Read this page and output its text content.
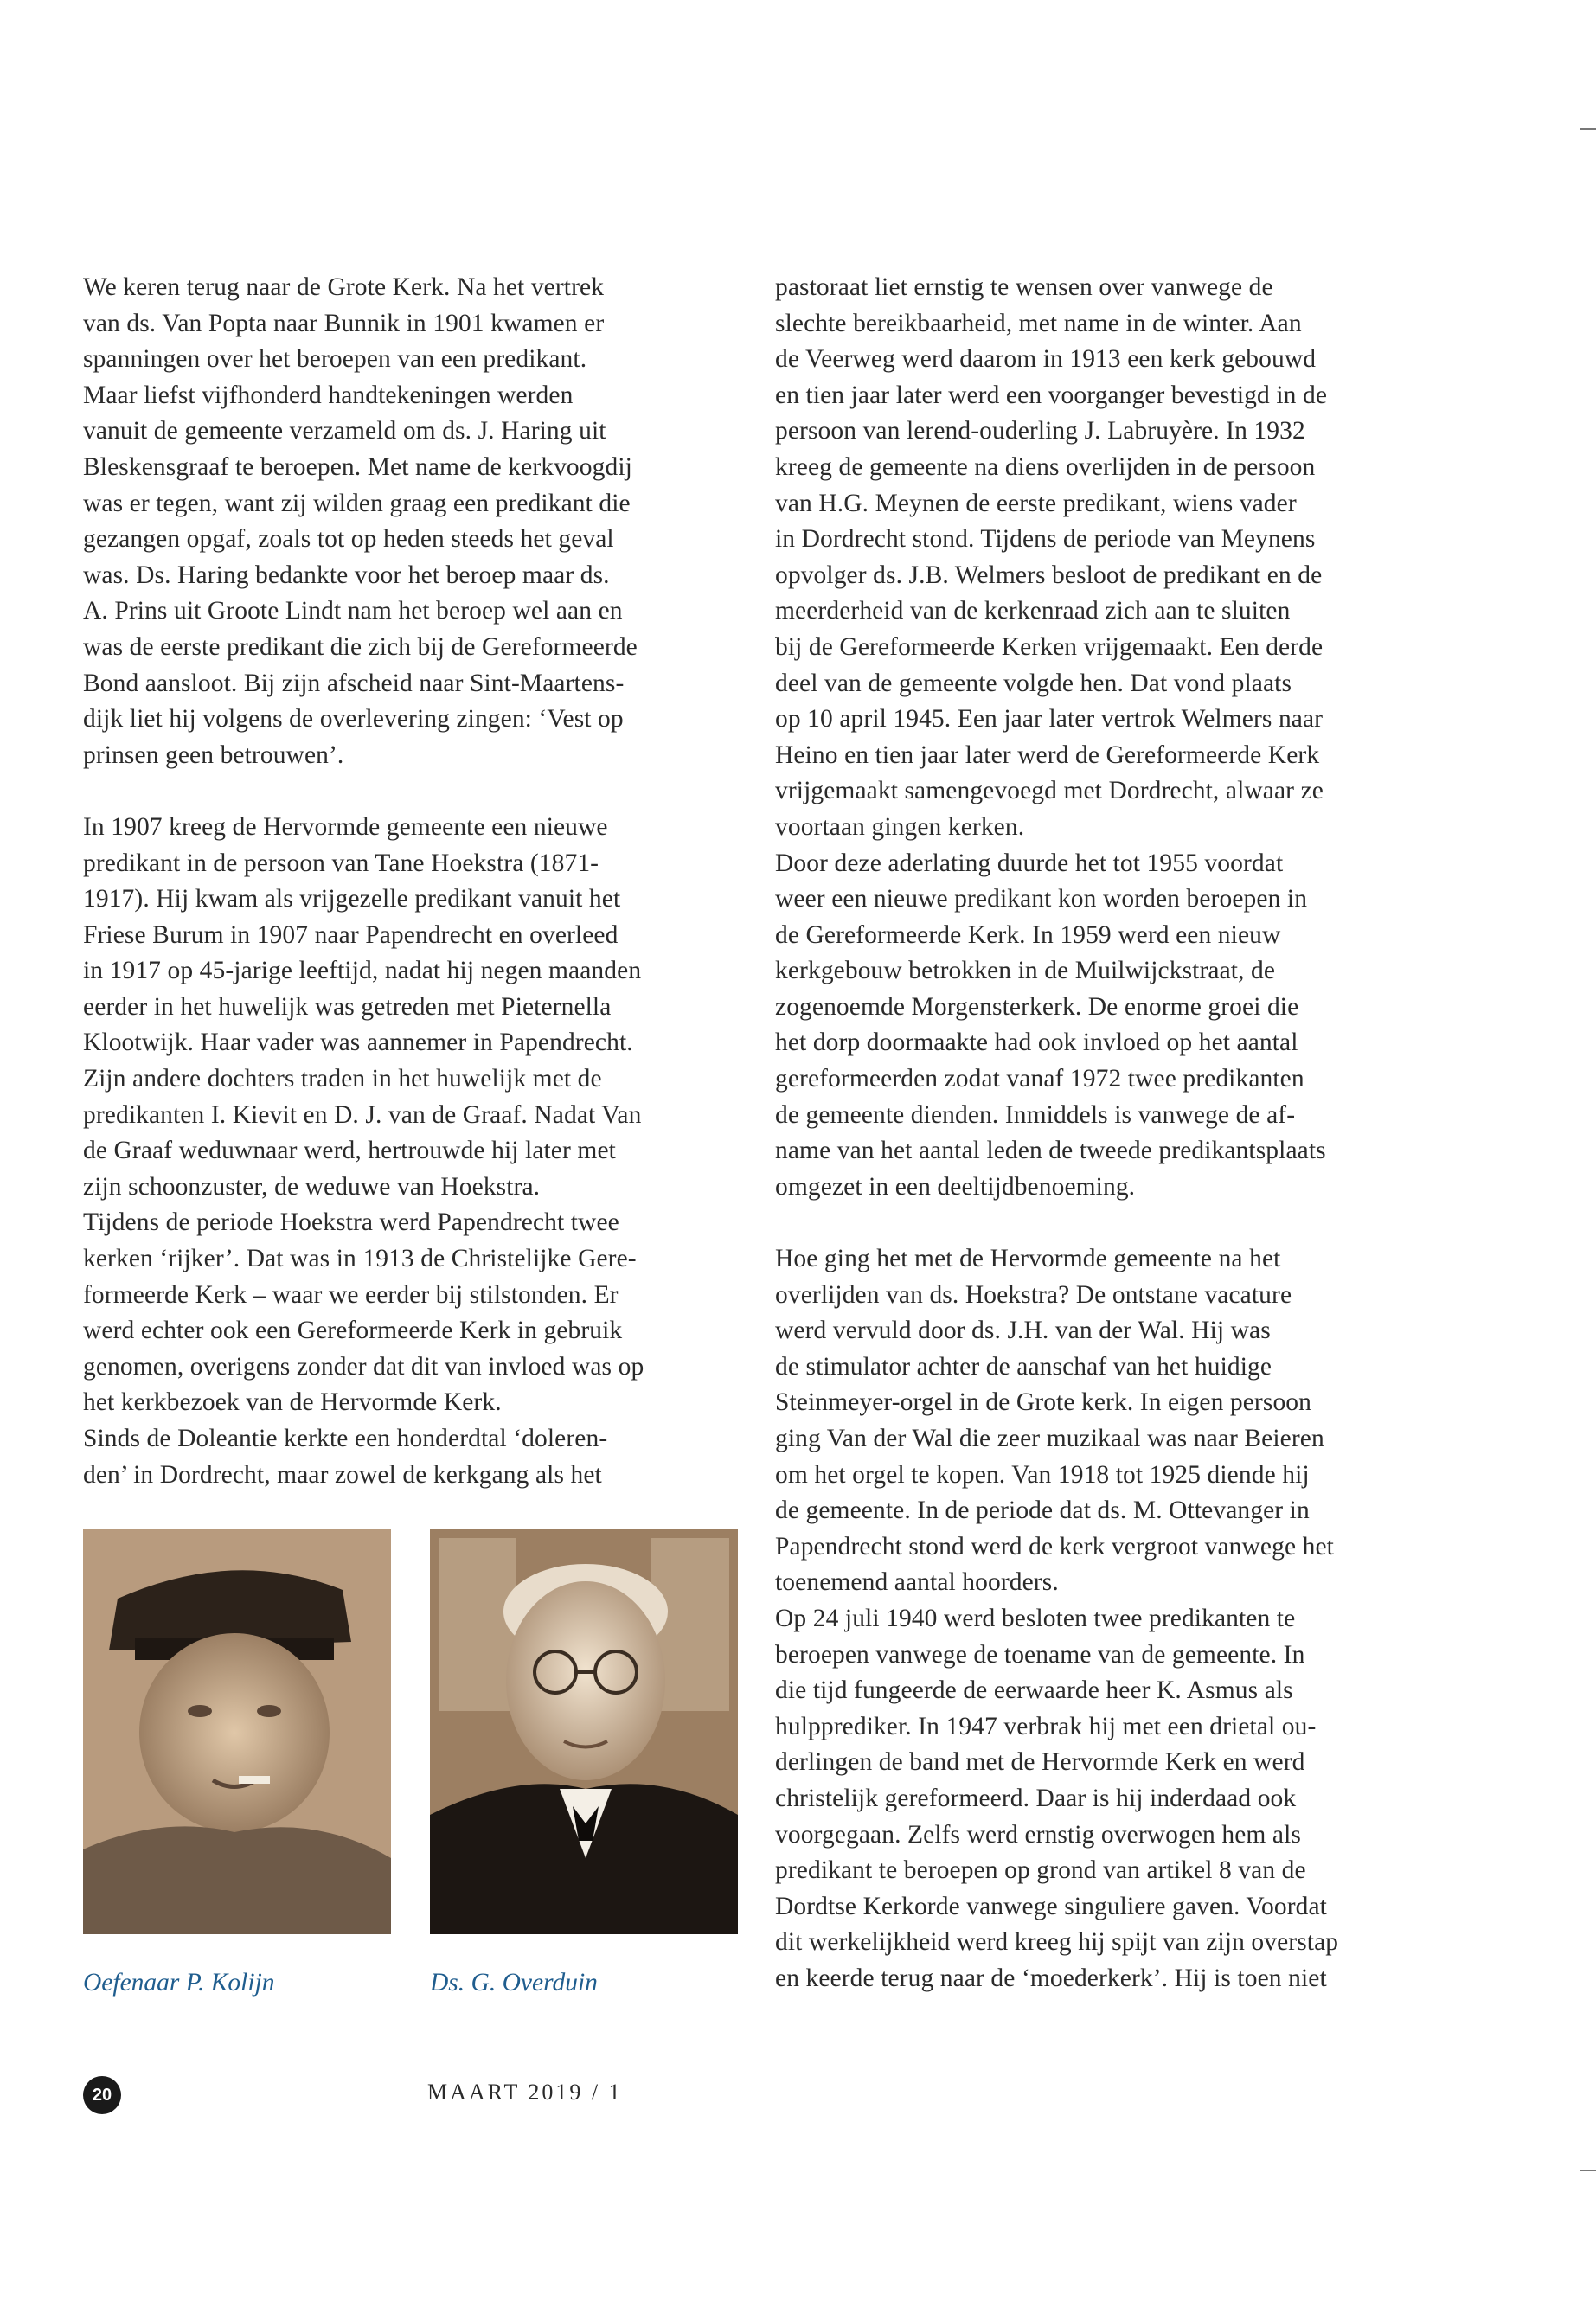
We keren terug naar de Grote Kerk. Na het vertrek
van ds. Van Popta naar Bunnik in 1901 kwamen er
spanningen over het beroepen van een predikant.
Maar liefst vijfhonderd handtekeningen werden
vanuit de gemeente verzameld om ds. J. Haring uit
Bleskensgraaf te beroepen. Met name de kerkvoogdij
was er tegen, want zij wilden graag een predikant die
gezangen opgaf, zoals tot op heden steeds het geval
was. Ds. Haring bedankte voor het beroep maar ds.
A. Prins uit Groote Lindt nam het beroep wel aan en
was de eerste predikant die zich bij de Gereformeerde
Bond aansloot. Bij zijn afscheid naar Sint-Maartens-
dijk liet hij volgens de overlevering zingen: ‘Vest op
prinsen geen betrouwen’.
In 1907 kreeg de Hervormde gemeente een nieuwe
predikant in de persoon van Tane Hoekstra (1871-
1917). Hij kwam als vrijgezelle predikant vanuit het
Friese Burum in 1907 naar Papendrecht en overleed
in 1917 op 45-jarige leeftijd, nadat hij negen maanden
eerder in het huwelijk was getreden met Pieternella
Klootwijk. Haar vader was aannemer in Papendrecht.
Zijn andere dochters traden in het huwelijk met de
predikanten I. Kievit en D. J. van de Graaf. Nadat Van
de Graaf weduwnaar werd, hertrouwde hij later met
zijn schoonzuster, de weduwe van Hoekstra.
Tijdens de periode Hoekstra werd Papendrecht twee
kerken ‘rijker’. Dat was in 1913 de Christelijke Gere-
formeerde Kerk – waar we eerder bij stilstonden. Er
werd echter ook een Gereformeerde Kerk in gebruik
genomen, overigens zonder dat dit van invloed was op
het kerkbezoek van de Hervormde Kerk.
Sinds de Doleantie kerkte een honderdtal ‘doleren-
den’ in Dordrecht, maar zowel de kerkgang als het
pastoraat liet ernstig te wensen over vanwege de
slechte bereikbaarheid, met name in de winter. Aan
de Veerweg werd daarom in 1913 een kerk gebouwd
en tien jaar later werd een voorganger bevestigd in de
persoon van lerend-ouderling J. Labruyère. In 1932
kreeg de gemeente na diens overlijden in de persoon
van H.G. Meynen de eerste predikant, wiens vader
in Dordrecht stond. Tijdens de periode van Meynens
opvolger ds. J.B. Welmers besloot de predikant en de
meerderheid van de kerkenraad zich aan te sluiten
bij de Gereformeerde Kerken vrijgemaakt. Een derde
deel van de gemeente volgde hen. Dat vond plaats
op 10 april 1945. Een jaar later vertrok Welmers naar
Heino en tien jaar later werd de Gereformeerde Kerk
vrijgemaakt samengevoegd met Dordrecht, alwaar ze
voortaan gingen kerken.
Door deze aderlating duurde het tot 1955 voordat
weer een nieuwe predikant kon worden beroepen in
de Gereformeerde Kerk. In 1959 werd een nieuw
kerkgebouw betrokken in de Muilwijckstraat, de
zogenoemde Morgensterkerk. De enorme groei die
het dorp doormaakte had ook invloed op het aantal
gereformeerden zodat vanaf 1972 twee predikanten
de gemeente dienden. Inmiddels is vanwege de af-
name van het aantal leden de tweede predikantsplaats
omgezet in een deeltijdbenoeming.
Hoe ging het met de Hervormde gemeente na het
overlijden van ds. Hoekstra? De ontstane vacature
werd vervuld door ds. J.H. van der Wal. Hij was
de stimulator achter de aanschaf van het huidige
Steinmeyer-orgel in de Grote kerk. In eigen persoon
ging Van der Wal die zeer muzikaal was naar Beieren
om het orgel te kopen. Van 1918 tot 1925 diende hij
de gemeente. In de periode dat ds. M. Ottevanger in
Papendrecht stond werd de kerk vergroot vanwege het
toenemend aantal hoorders.
Op 24 juli 1940 werd besloten twee predikanten te
beroepen vanwege de toename van de gemeente. In
die tijd fungeerde de eerwaarde heer K. Asmus als
hulpprediker. In 1947 verbrak hij met een drietal ou-
derlingen de band met de Hervormde Kerk en werd
christelijk gereformeerd. Daar is hij inderdaad ook
voorgegaan. Zelfs werd ernstig overwogen hem als
predikant te beroepen op grond van artikel 8 van de
Dordtse Kerkorde vanwege singuliere gaven. Voordat
dit werkelijkheid werd kreeg hij spijt van zijn overstap
en keerde terug naar de ‘moederkerk’. Hij is toen niet
Oefenaar P. Kolijn	Ds. G. Overduin
20	MAART 2019 / 1
